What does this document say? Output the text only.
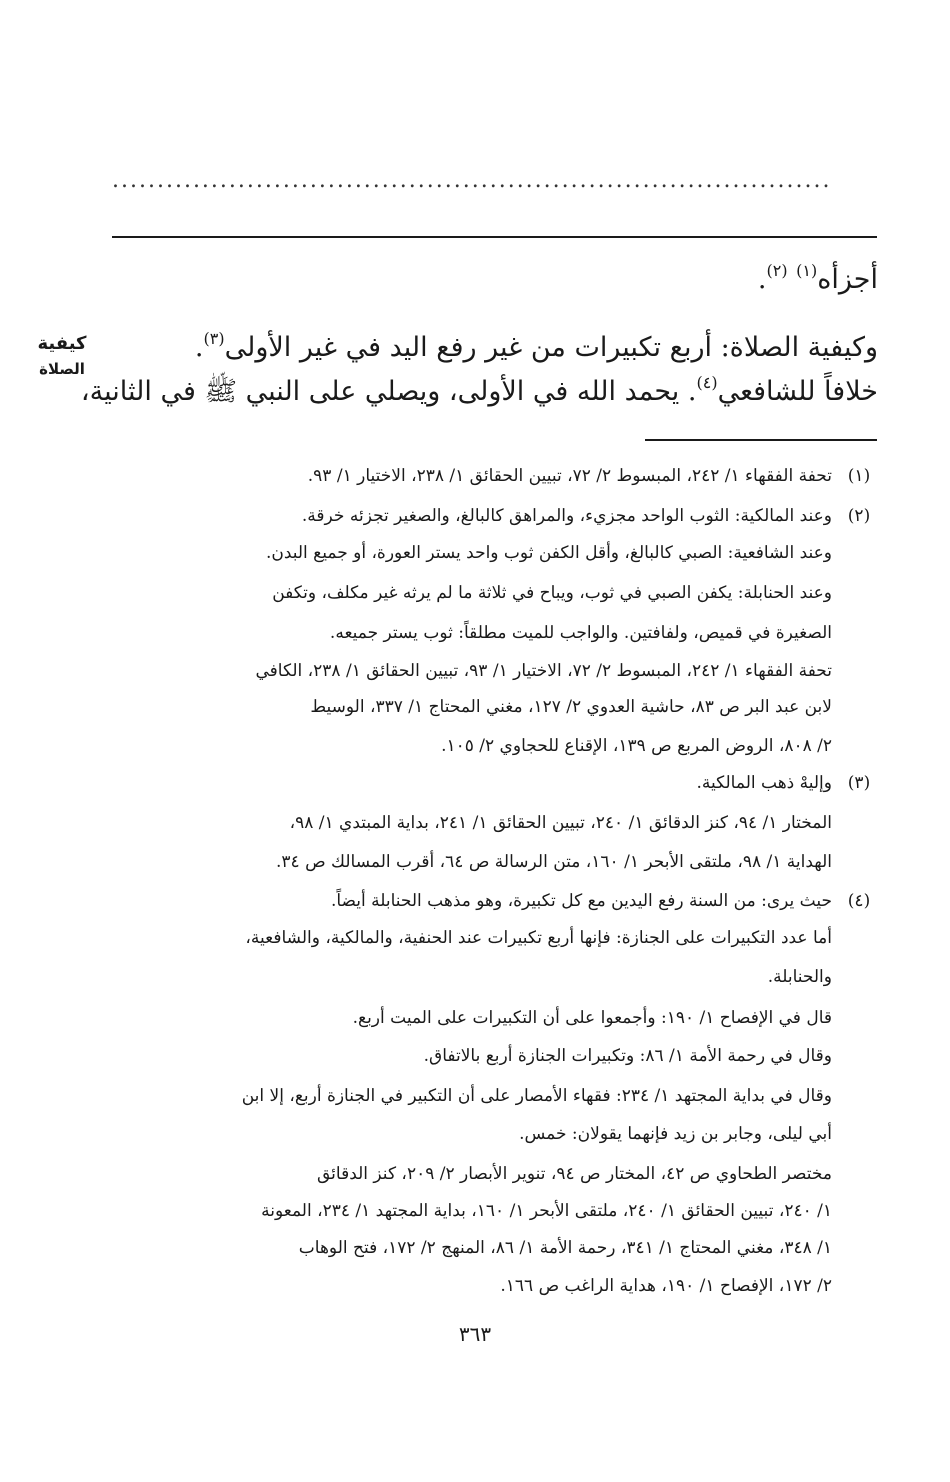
................................................................................
أجزأه$^{(١)}$ $^{(٢)}$.
وكيفية الصلاة: أربع تكبيرات من غير رفع اليد في غير الأولى$^{(٣)}$.
خلافاً للشافعي$^{(٤)}$. يحمد الله في الأولى، ويصلي على النبي ﷺ في الثانية،
كيفية
الصلاة
(١)
تحفة الفقهاء ١/ ٢٤٢، المبسوط ٢/ ٧٢، تبيين الحقائق ١/ ٢٣٨، الاختيار ١/ ٩٣.
(٢)
وعند المالكية: الثوب الواحد مجزيء، والمراهق كالبالغ، والصغير تجزئه خرقة.
وعند الشافعية: الصبي كالبالغ، وأقل الكفن ثوب واحد يستر العورة، أو جميع البدن.
وعند الحنابلة: يكفن الصبي في ثوب، ويباح في ثلاثة ما لم يرثه غير مكلف، وتكفن
الصغيرة في قميص، ولفافتين. والواجب للميت مطلقاً: ثوب يستر جميعه.
تحفة الفقهاء ١/ ٢٤٢، المبسوط ٢/ ٧٢، الاختيار ١/ ٩٣، تبيين الحقائق ١/ ٢٣٨، الكافي
لابن عبد البر ص ٨٣، حاشية العدوي ٢/ ١٢٧، مغني المحتاج ١/ ٣٣٧، الوسيط
٢/ ٨٠٨، الروض المربع ص ١٣٩، الإقناع للحجاوي ٢/ ١٠٥.
(٣)
وإليهْ ذهب المالكية.
المختار ١/ ٩٤، كنز الدقائق ١/ ٢٤٠، تبيين الحقائق ١/ ٢٤١، بداية المبتدي ١/ ٩٨،
الهداية ١/ ٩٨، ملتقى الأبحر ١/ ١٦٠، متن الرسالة ص ٦٤، أقرب المسالك ص ٣٤.
(٤)
حيث يرى: من السنة رفع اليدين مع كل تكبيرة، وهو مذهب الحنابلة أيضاً.
أما عدد التكبيرات على الجنازة: فإنها أربع تكبيرات عند الحنفية، والمالكية، والشافعية،
والحنابلة.
قال في الإفصاح ١/ ١٩٠: وأجمعوا على أن التكبيرات على الميت أربع.
وقال في رحمة الأمة ١/ ٨٦: وتكبيرات الجنازة أربع بالاتفاق.
وقال في بداية المجتهد ١/ ٢٣٤: فقهاء الأمصار على أن التكبير في الجنازة أربع، إلا ابن
أبي ليلى، وجابر بن زيد فإنهما يقولان: خمس.
مختصر الطحاوي ص ٤٢، المختار ص ٩٤، تنوير الأبصار ٢/ ٢٠٩، كنز الدقائق
١/ ٢٤٠، تبيين الحقائق ١/ ٢٤٠، ملتقى الأبحر ١/ ١٦٠، بداية المجتهد ١/ ٢٣٤، المعونة
١/ ٣٤٨، مغني المحتاج ١/ ٣٤١، رحمة الأمة ١/ ٨٦، المنهج ٢/ ١٧٢، فتح الوهاب
٢/ ١٧٢، الإفصاح ١/ ١٩٠، هداية الراغب ص ١٦٦.
٣٦٣
